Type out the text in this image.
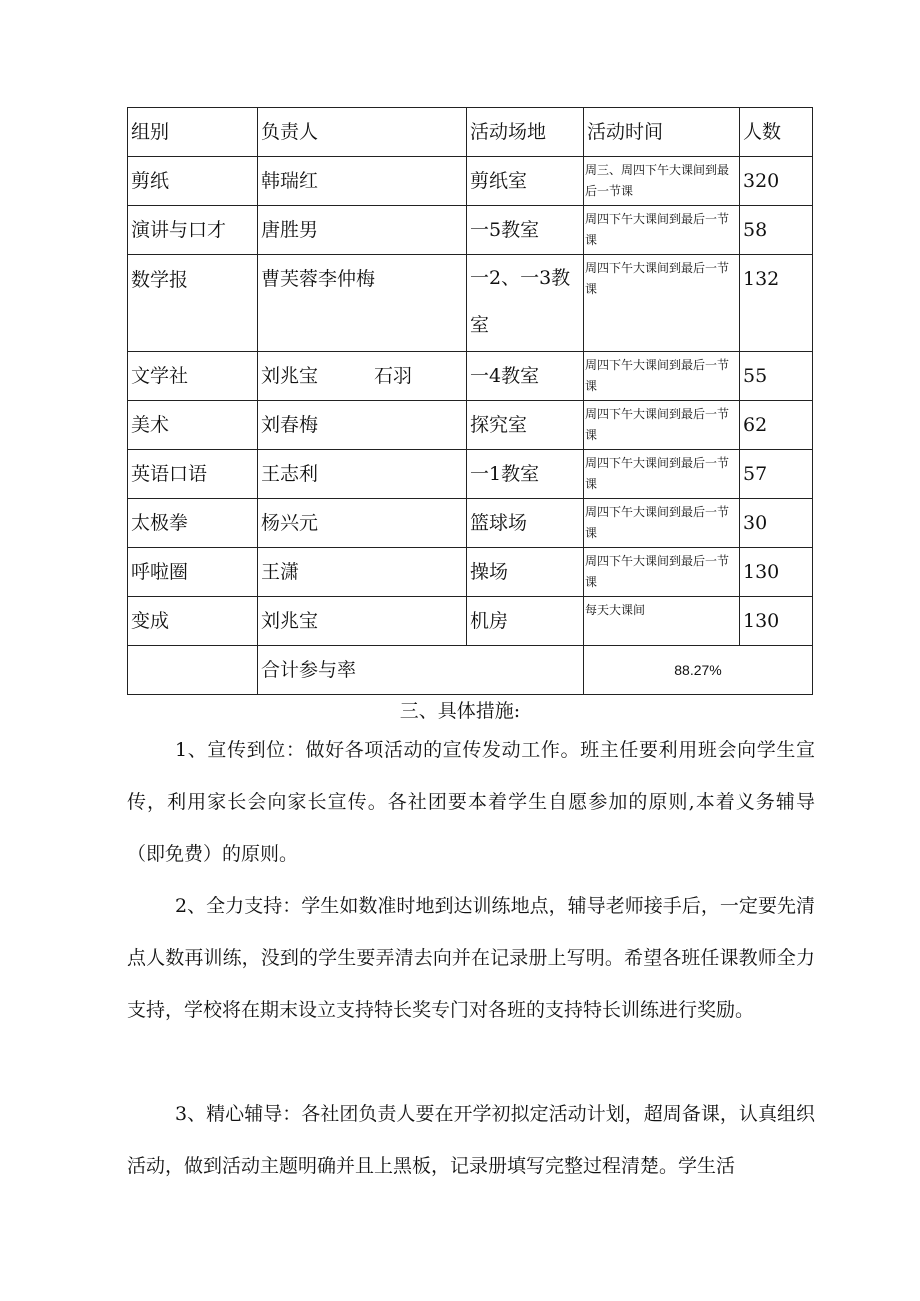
组别	负责人	活动场地	活动时间	人数
剪纸	韩瑞红	剪纸室	周三、周四下午大课间到最后一节课	320
演讲与口才	唐胜男	一5教室	周四下午大课间到最后一节课	58
数学报	曹芙蓉李仲梅	一2、一3教室	周四下午大课间到最后一节课	132
文学社	刘兆宝 石羽	一4教室	周四下午大课间到最后一节课	55
美术	刘春梅	探究室	周四下午大课间到最后一节课	62
英语口语	王志利	一1教室	周四下午大课间到最后一节课	57
太极拳	杨兴元	篮球场	周四下午大课间到最后一节课	30
呼啦圈	王潇	操场	周四下午大课间到最后一节课	130
变成	刘兆宝	机房	每天大课间	130
	合计参与率		88.27%	
三、具体措施:

1、宣传到位：做好各项活动的宣传发动工作。班主任要利用班会向学生宣传，利用家长会向家长宣传。各社团要本着学生自愿参加的原则,本着义务辅导（即免费）的原则。

2、全力支持：学生如数准时地到达训练地点，辅导老师接手后，一定要先清点人数再训练，没到的学生要弄清去向并在记录册上写明。希望各班任课教师全力支持，学校将在期末设立支持特长奖专门对各班的支持特长训练进行奖励。

3、精心辅导：各社团负责人要在开学初拟定活动计划，超周备课，认真组织活动，做到活动主题明确并且上黑板，记录册填写完整过程清楚。学生活
